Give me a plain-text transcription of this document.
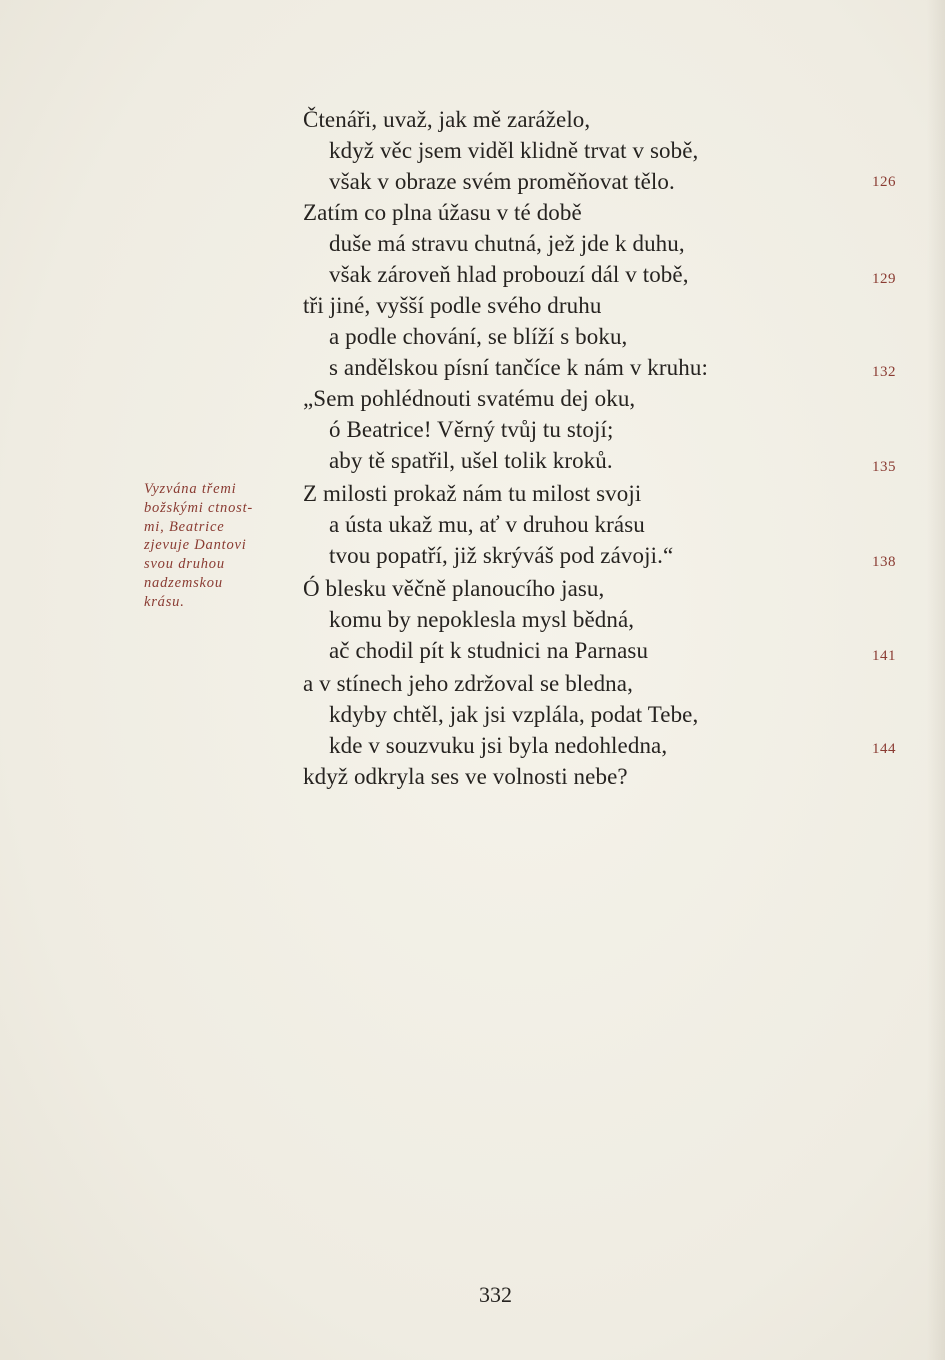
Čtenáři, uvaž, jak mě zaráželo,
když věc jsem viděl klidně trvat v sobě,
však v obraze svém proměňovat tělo.
Zatím co plna úžasu v té době
duše má stravu chutná, jež jde k duhu,
však zároveň hlad probouzí dál v tobě,
tři jiné, vyšší podle svého druhu
a podle chování, se blíží s boku,
s andělskou písní tančíce k nám v kruhu:
„Sem pohlédnouti svatému dej oku,
ó Beatrice! Věrný tvůj tu stojí;
aby tě spatřil, ušel tolik kroků.
Z milosti prokaž nám tu milost svoji
a ústa ukaž mu, ať v druhou krásu
tvou popatří, již skrýváš pod závoji.“
Ó blesku věčně planoucího jasu,
komu by nepoklesla mysl bědná,
ač chodil pít k studnici na Parnasu
a v stínech jeho zdržoval se bledna,
kdyby chtěl, jak jsi vzplála, podat Tebe,
kde v souzvuku jsi byla nedohledna,
když odkryla ses ve volnosti nebe?
126
129
132
135
138
141
144
Vyzvána třemi
božskými ctnost-
mi, Beatrice
zjevuje Dantovi
svou druhou
nadzemskou
krásu.
332
